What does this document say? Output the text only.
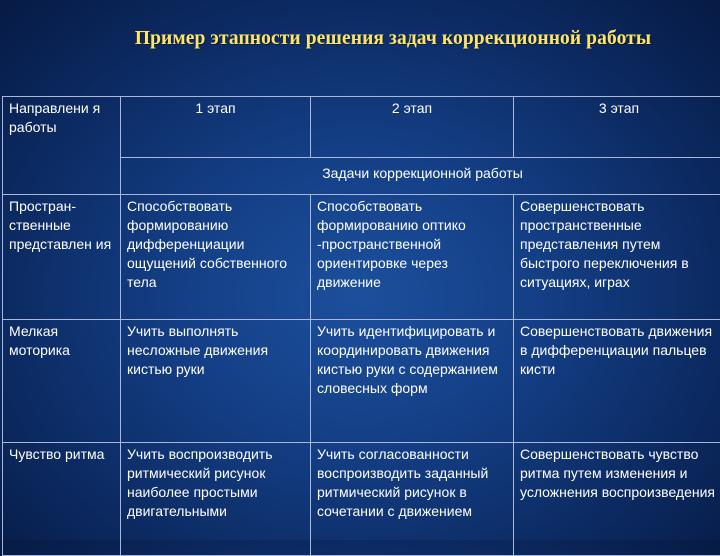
Пример этапности решения задач коррекционной работы
Направлени я работы	1 этап	2 этап	3 этап
	Задачи коррекционной работы		
Простран-ственные представлен ия	Способствовать формированию дифференциации ощущений собственного тела	Способствовать формированию оптико -пространственной ориентировке через движение	Совершенствовать пространственные представления путем быстрого переключения в ситуациях, играх
Мелкая моторика	Учить выполнять несложные движения кистью руки	Учить идентифицировать и координировать движения кистью руки с содержанием словесных форм	Совершенствовать движения в дифференциации пальцев кисти
Чувство ритма	Учить воспроизводить ритмический рисунок наиболее простыми двигательными	Учить согласованности воспроизводить заданный ритмический рисунок в сочетании с движением	Совершенствовать чувство ритма путем изменения и усложнения воспроизведения
